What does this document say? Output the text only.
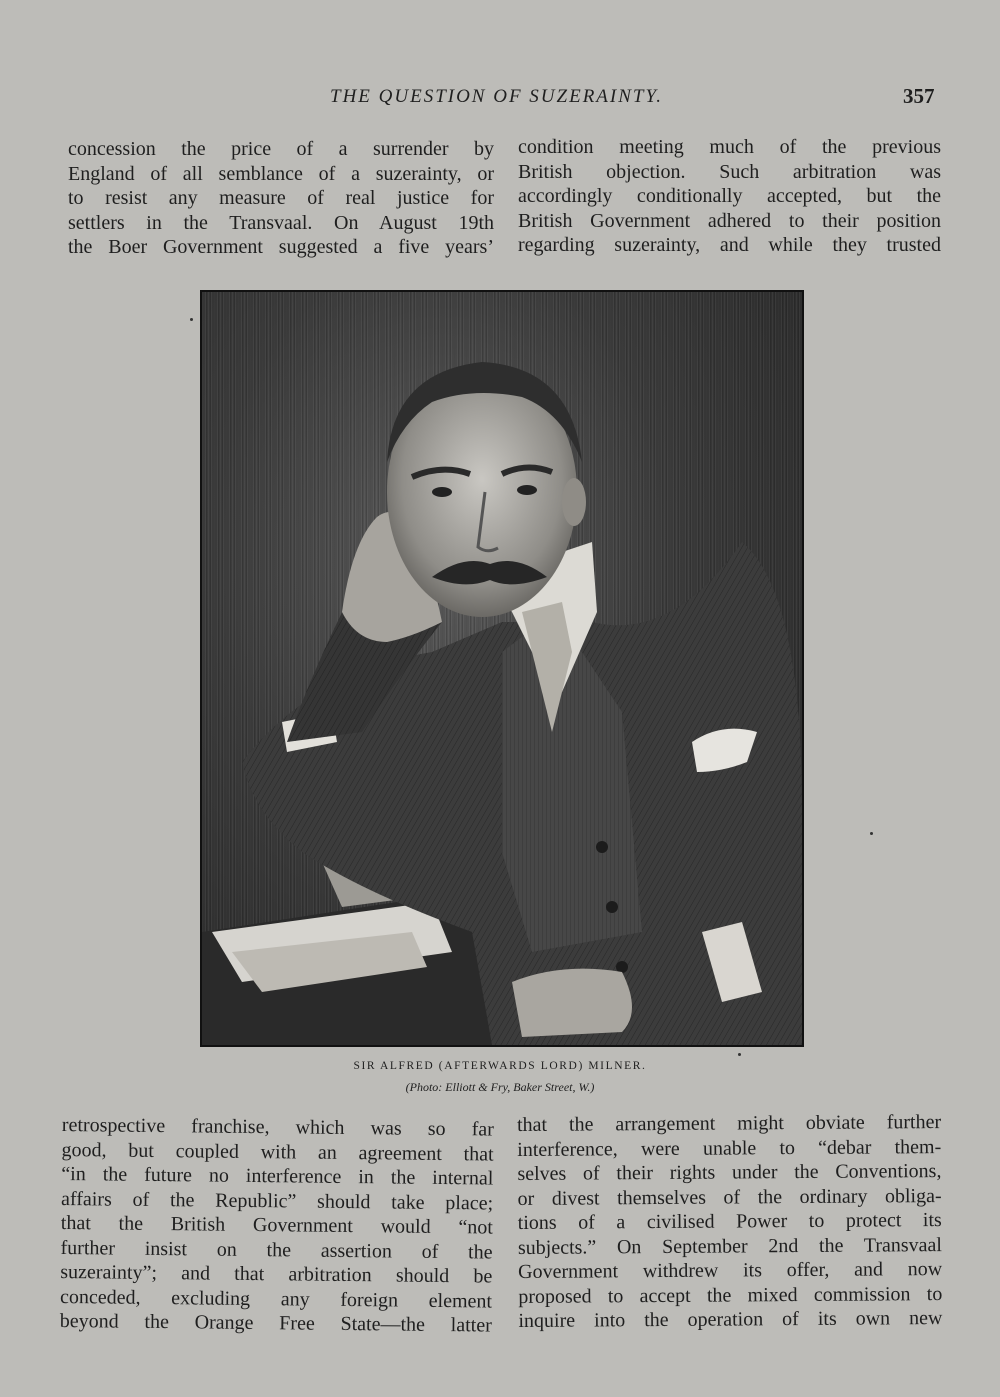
THE QUESTION OF SUZERAINTY.	357
concession the price of a surrender by
England of all semblance of a suzerainty, or
to resist any measure of real justice for
settlers in the Transvaal. On August 19th
the Boer Government suggested a five years’
condition meeting much of the previous
British objection. Such arbitration was
accordingly conditionally accepted, but the
British Government adhered to their position
regarding suzerainty, and while they trusted
SIR ALFRED (AFTERWARDS LORD) MILNER.
(Photo: Elliott & Fry, Baker Street, W.)
retrospective franchise, which was so far
good, but coupled with an agreement that
“in the future no interference in the internal
affairs of the Republic” should take place;
that the British Government would “not
further insist on the assertion of the
suzerainty”; and that arbitration should be
conceded, excluding any foreign element
beyond the Orange Free State—the latter
that the arrangement might obviate further
interference, were unable to “debar them-
selves of their rights under the Conventions,
or divest themselves of the ordinary obliga-
tions of a civilised Power to protect its
subjects.” On September 2nd the Transvaal
Government withdrew its offer, and now
proposed to accept the mixed commission to
inquire into the operation of its own new
